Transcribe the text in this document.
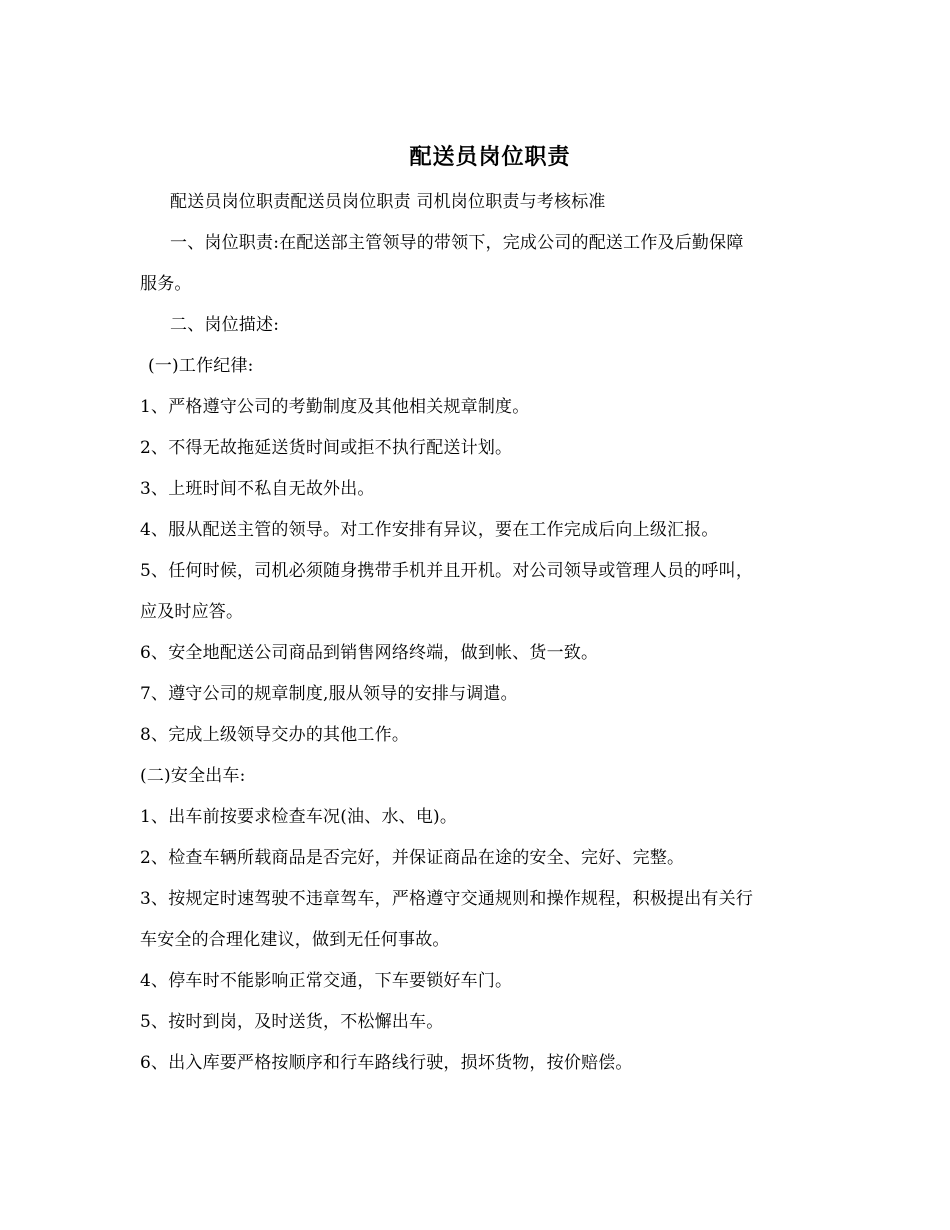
配送员岗位职责

配送员岗位职责配送员岗位职责 司机岗位职责与考核标准

一、岗位职责:在配送部主管领导的带领下，完成公司的配送工作及后勤保障

服务。

二、岗位描述:

(一)工作纪律:

1、严格遵守公司的考勤制度及其他相关规章制度。

2、不得无故拖延送货时间或拒不执行配送计划。

3、上班时间不私自无故外出。

4、服从配送主管的领导。对工作安排有异议，要在工作完成后向上级汇报。

5、任何时候，司机必须随身携带手机并且开机。对公司领导或管理人员的呼叫，

应及时应答。

6、安全地配送公司商品到销售网络终端，做到帐、货一致。

7、遵守公司的规章制度,服从领导的安排与调遣。

8、完成上级领导交办的其他工作。

(二)安全出车:

1、出车前按要求检查车况(油、水、电)。

2、检查车辆所载商品是否完好，并保证商品在途的安全、完好、完整。

3、按规定时速驾驶不违章驾车，严格遵守交通规则和操作规程，积极提出有关行

车安全的合理化建议，做到无任何事故。

4、停车时不能影响正常交通，下车要锁好车门。

5、按时到岗，及时送货，不松懈出车。

6、出入库要严格按顺序和行车路线行驶，损坏货物，按价赔偿。
